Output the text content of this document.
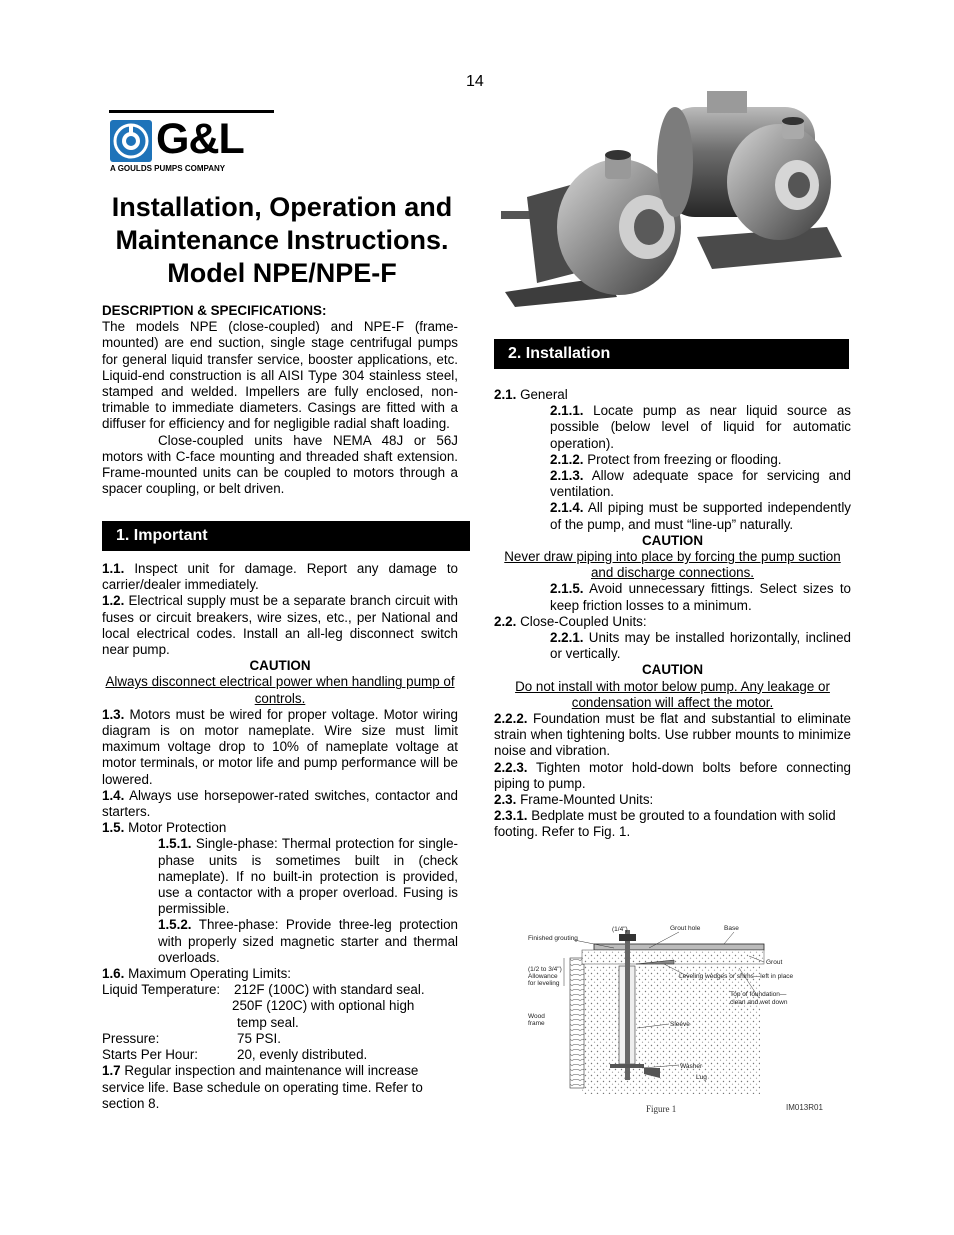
14
G&L
A GOULDS PUMPS COMPANY
Installation, Operation and
Maintenance Instructions.
Model NPE/NPE-F

DESCRIPTION & SPECIFICATIONS:

The models NPE (close-coupled) and NPE-F (frame-mounted) are end suction, single stage centrifugal pumps for general liquid transfer service, booster applications, etc. Liquid-end construction is all AISI Type 304 stainless steel, stamped and welded. Impellers are fully enclosed, non-trimable to immediate diameters. Casings are fitted with a diffuser for efficiency and for negligible radial shaft loading.

Close-coupled units have NEMA 48J or 56J motors with C-face mounting and threaded shaft extension. Frame-mounted units can be coupled to motors through a spacer coupling, or belt driven.

1. Important

1.1. Inspect unit for damage. Report any damage to carrier/dealer immediately.

1.2. Electrical supply must be a separate branch circuit with fuses or circuit breakers, wire sizes, etc., per National and local electrical codes. Install an all-leg disconnect switch near pump.

CAUTION

Always disconnect electrical power when handling pump of controls.

1.3. Motors must be wired for proper voltage. Motor wiring diagram is on motor nameplate. Wire size must limit maximum voltage drop to 10% of nameplate voltage at motor terminals, or motor life and pump performance will be lowered.

1.4. Always use horsepower-rated switches, contactor and starters.

1.5. Motor Protection

1.5.1. Single-phase: Thermal protection for single-phase units is sometimes built in (check nameplate). If no built-in protection is provided, use a contactor with a proper overload. Fusing is permissible.

1.5.2. Three-phase: Provide three-leg protection with properly sized magnetic starter and thermal overloads.

1.6. Maximum Operating Limits:

Liquid Temperature:	212F (100C) with standard seal.
250F (120C) with optional high
temp seal.
Pressure:	75 PSI.
Starts Per Hour:	20, evenly distributed.

1.7 Regular inspection and maintenance will increase service life. Base schedule on operating time. Refer to section 8.

2. Installation

2.1. General

2.1.1. Locate pump as near liquid source as possible (below level of liquid for automatic operation).

2.1.2. Protect from freezing or flooding.

2.1.3. Allow adequate space for servicing and ventilation.

2.1.4. All piping must be supported independently of the pump, and must “line-up” naturally.

CAUTION

Never draw piping into place by forcing the pump suction and discharge connections.

2.1.5. Avoid unnecessary fittings. Select sizes to keep friction losses to a minimum.

2.2. Close-Coupled Units:

2.2.1. Units may be installed horizontally, inclined or vertically.

CAUTION

Do not install with motor below pump. Any leakage or condensation will affect the motor.

2.2.2. Foundation must be flat and substantial to eliminate strain when tightening bolts. Use rubber mounts to minimize noise and vibration.

2.2.3. Tighten motor hold-down bolts before connecting piping to pump.

2.3. Frame-Mounted Units:

2.3.1. Bedplate must be grouted to a foundation with solid footing. Refer to Fig. 1.

(1/4")	Grout hole	Base
Finished grouting
Grout
(1/2 to 3/4")
Allowance
for leveling
Leveling wedges or shims—left in place
Top of foundation—
clean and wet down
Wood
frame	Sleeve
Washer
Lug
Figure 1	IM013R01
